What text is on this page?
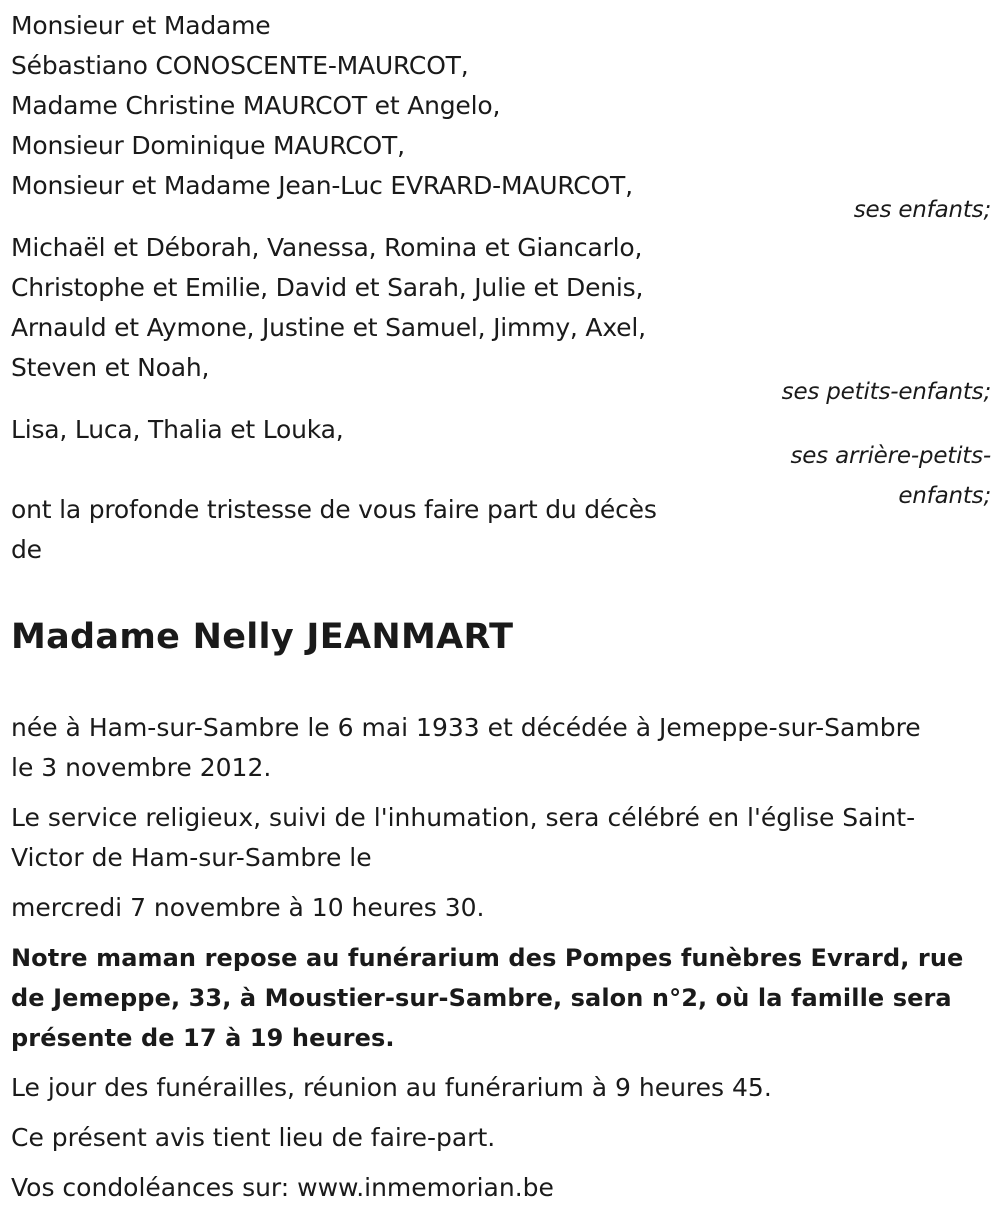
Monsieur et Madame
Sébastiano CONOSCENTE-MAURCOT,
Madame Christine MAURCOT et Angelo,
Monsieur Dominique MAURCOT,
Monsieur et Madame Jean-Luc EVRARD-MAURCOT,
ses enfants;
Michaël et Déborah, Vanessa, Romina et Giancarlo,
Christophe et Emilie, David et Sarah, Julie et Denis,
Arnauld et Aymone, Justine et Samuel, Jimmy, Axel,
Steven et Noah,
ses petits-enfants;
Lisa, Luca, Thalia et Louka,
ses arrière-petits-
enfants;
ont la profonde tristesse de vous faire part du décès
de
Madame Nelly JEANMART

née à Ham-sur-Sambre le 6 mai 1933 et décédée à Jemeppe-sur-Sambre
le 3 novembre 2012.

Le service religieux, suivi de l'inhumation, sera célébré en l'église Saint-
Victor de Ham-sur-Sambre le

mercredi 7 novembre à 10 heures 30.

Notre maman repose au funérarium des Pompes funèbres Evrard, rue
de Jemeppe, 33, à Moustier-sur-Sambre, salon n°2, où la famille sera
présente de 17 à 19 heures.

Le jour des funérailles, réunion au funérarium à 9 heures 45.

Ce présent avis tient lieu de faire-part.

Vos condoléances sur: www.inmemorian.be
